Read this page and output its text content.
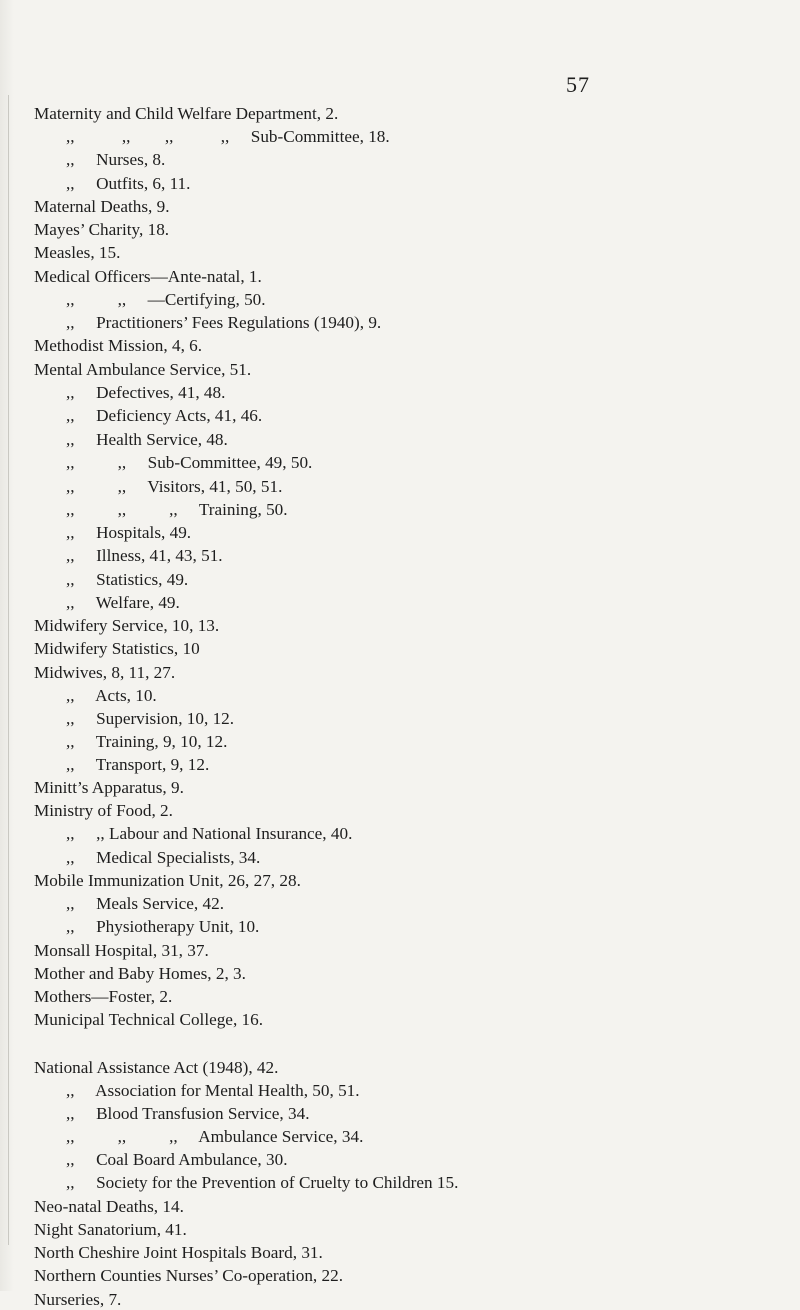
57
Maternity and Child Welfare Department, 2.
,,           ,,        ,,           ,,     Sub-Committee, 18.
,,     Nurses, 8.
,,     Outfits, 6, 11.
Maternal Deaths, 9.
Mayes’ Charity, 18.
Measles, 15.
Medical Officers—Ante-natal, 1.
,,          ,,     —Certifying, 50.
,,     Practitioners’ Fees Regulations (1940), 9.
Methodist Mission, 4, 6.
Mental Ambulance Service, 51.
,,     Defectives, 41, 48.
,,     Deficiency Acts, 41, 46.
,,     Health Service, 48.
,,          ,,     Sub-Committee, 49, 50.
,,          ,,     Visitors, 41, 50, 51.
,,          ,,          ,,     Training, 50.
,,     Hospitals, 49.
,,     Illness, 41, 43, 51.
,,     Statistics, 49.
,,     Welfare, 49.
Midwifery Service, 10, 13.
Midwifery Statistics, 10
Midwives, 8, 11, 27.
,,     Acts, 10.
,,     Supervision, 10, 12.
,,     Training, 9, 10, 12.
,,     Transport, 9, 12.
Minitt’s Apparatus, 9.
Ministry of Food, 2.
,,     ,, Labour and National Insurance, 40.
,,     Medical Specialists, 34.
Mobile Immunization Unit, 26, 27, 28.
,,     Meals Service, 42.
,,     Physiotherapy Unit, 10.
Monsall Hospital, 31, 37.
Mother and Baby Homes, 2, 3.
Mothers—Foster, 2.
Municipal Technical College, 16.
National Assistance Act (1948), 42.
,,     Association for Mental Health, 50, 51.
,,     Blood Transfusion Service, 34.
,,          ,,          ,,     Ambulance Service, 34.
,,     Coal Board Ambulance, 30.
,,     Society for the Prevention of Cruelty to Children 15.
Neo-natal Deaths, 14.
Night Sanatorium, 41.
North Cheshire Joint Hospitals Board, 31.
Northern Counties Nurses’ Co-operation, 22.
Nurseries, 7.
